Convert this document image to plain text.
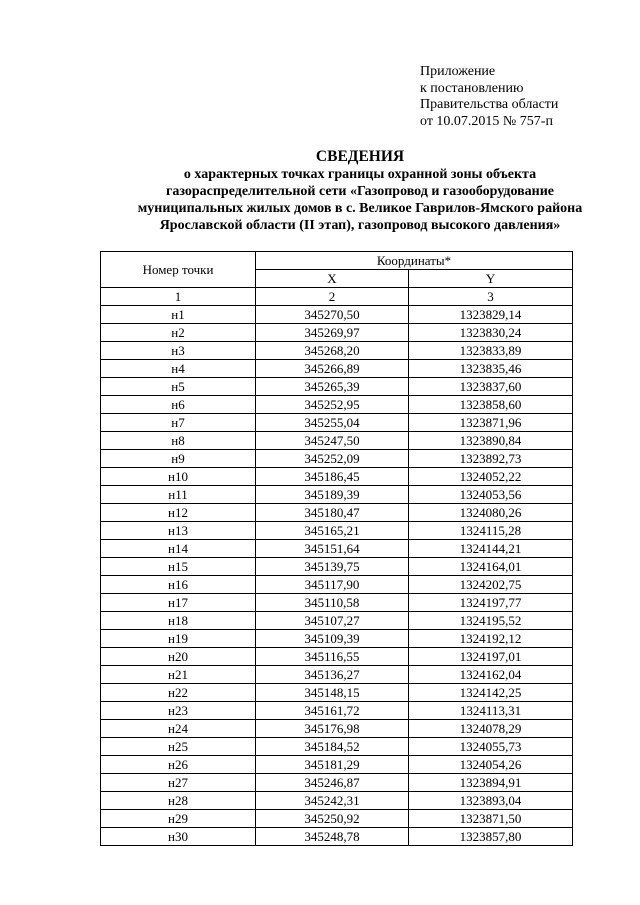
Приложение
к постановлению
Правительства области
от 10.07.2015 № 757-п
СВЕДЕНИЯ
о характерных точках границы охранной зоны объекта
газораспределительной сети «Газопровод и газооборудование
муниципальных жилых домов в с. Великое Гаврилов-Ямского района
Ярославской области (II этап), газопровод высокого давления»
Номер точки	Координаты*	
	X	Y
1	2	3
н1	345270,50	1323829,14
н2	345269,97	1323830,24
н3	345268,20	1323833,89
н4	345266,89	1323835,46
н5	345265,39	1323837,60
н6	345252,95	1323858,60
н7	345255,04	1323871,96
н8	345247,50	1323890,84
н9	345252,09	1323892,73
н10	345186,45	1324052,22
н11	345189,39	1324053,56
н12	345180,47	1324080,26
н13	345165,21	1324115,28
н14	345151,64	1324144,21
н15	345139,75	1324164,01
н16	345117,90	1324202,75
н17	345110,58	1324197,77
н18	345107,27	1324195,52
н19	345109,39	1324192,12
н20	345116,55	1324197,01
н21	345136,27	1324162,04
н22	345148,15	1324142,25
н23	345161,72	1324113,31
н24	345176,98	1324078,29
н25	345184,52	1324055,73
н26	345181,29	1324054,26
н27	345246,87	1323894,91
н28	345242,31	1323893,04
н29	345250,92	1323871,50
н30	345248,78	1323857,80
